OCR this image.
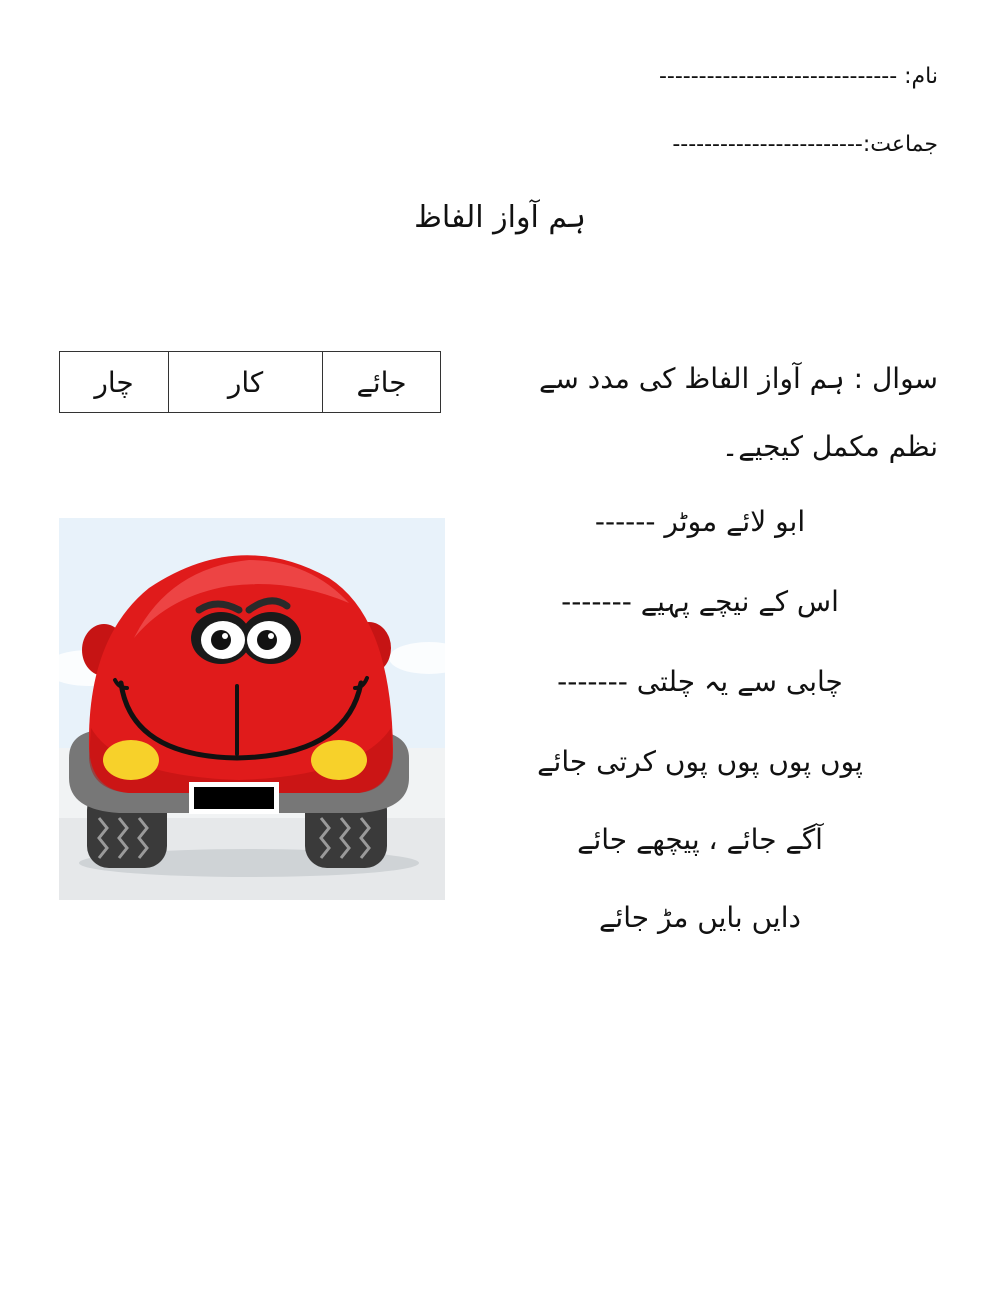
نام: ------------------------------
جماعت:------------------------
ہم آواز الفاظ
جائے
کار
چار	سوال : ہم آواز الفاظ کی مدد سے
نظم مکمل کیجیے۔
ابو لائے موٹر ------
اس کے نیچے پہیے -------
چابی سے یہ چلتی -------
پوں پوں پوں پوں کرتی جائے
آگے جائے ، پیچھے جائے
دایں بایں مڑ جائے
